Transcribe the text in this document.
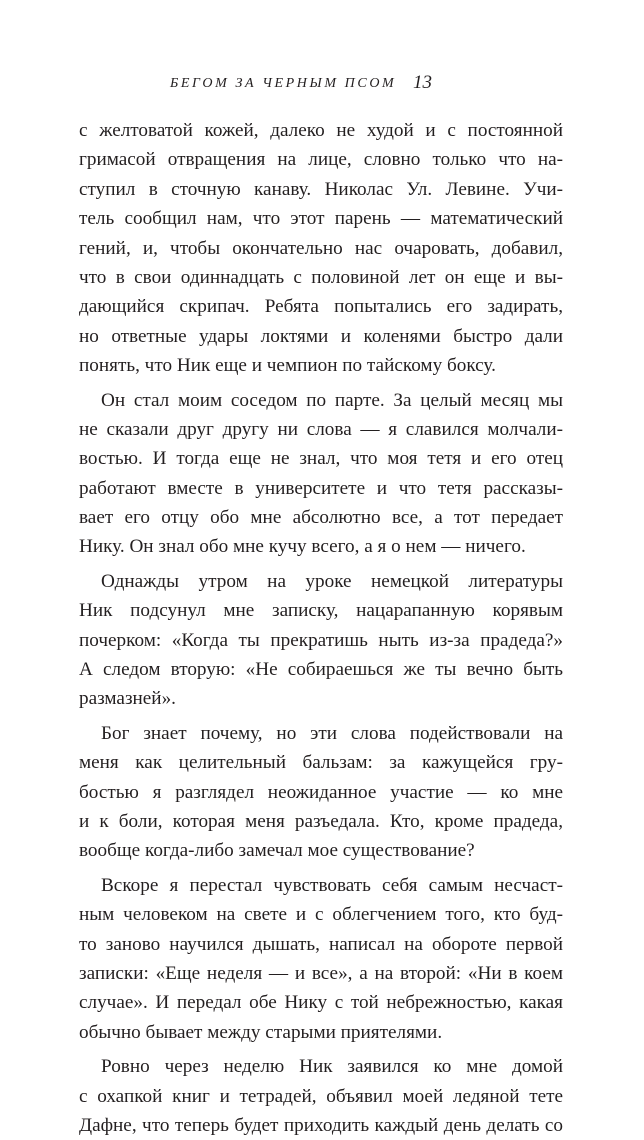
БЕГОМ ЗА ЧЕРНЫМ ПСОМ 13
с желтоватой кожей, далеко не худой и с постоянной
гримасой отвращения на лице, словно только что на-
ступил в сточную канаву. Николас Ул. Левине. Учи-
тель сообщил нам, что этот парень — математический
гений, и, чтобы окончательно нас очаровать, добавил,
что в свои одиннадцать с половиной лет он еще и вы-
дающийся скрипач. Ребята попытались его задирать,
но ответные удары локтями и коленями быстро дали
понять, что Ник еще и чемпион по тайскому боксу.
Он стал моим соседом по парте. За целый месяц мы
не сказали друг другу ни слова — я славился молчали-
востью. И тогда еще не знал, что моя тетя и его отец
работают вместе в университете и что тетя рассказы-
вает его отцу обо мне абсолютно все, а тот передает
Нику. Он знал обо мне кучу всего, а я о нем — ничего.
Однажды утром на уроке немецкой литературы
Ник подсунул мне записку, нацарапанную корявым
почерком: «Когда ты прекратишь ныть из-за прадеда?»
А следом вторую: «Не собираешься же ты вечно быть
размазней».
Бог знает почему, но эти слова подействовали на
меня как целительный бальзам: за кажущейся гру-
бостью я разглядел неожиданное участие — ко мне
и к боли, которая меня разъедала. Кто, кроме прадеда,
вообще когда-либо замечал мое существование?
Вскоре я перестал чувствовать себя самым несчаст-
ным человеком на свете и с облегчением того, кто буд-
то заново научился дышать, написал на обороте первой
записки: «Еще неделя — и все», а на второй: «Ни в коем
случае». И передал обе Нику с той небрежностью, какая
обычно бывает между старыми приятелями.
Ровно через неделю Ник заявился ко мне домой
с охапкой книг и тетрадей, объявил моей ледяной тете
Дафне, что теперь будет приходить каждый день делать со
